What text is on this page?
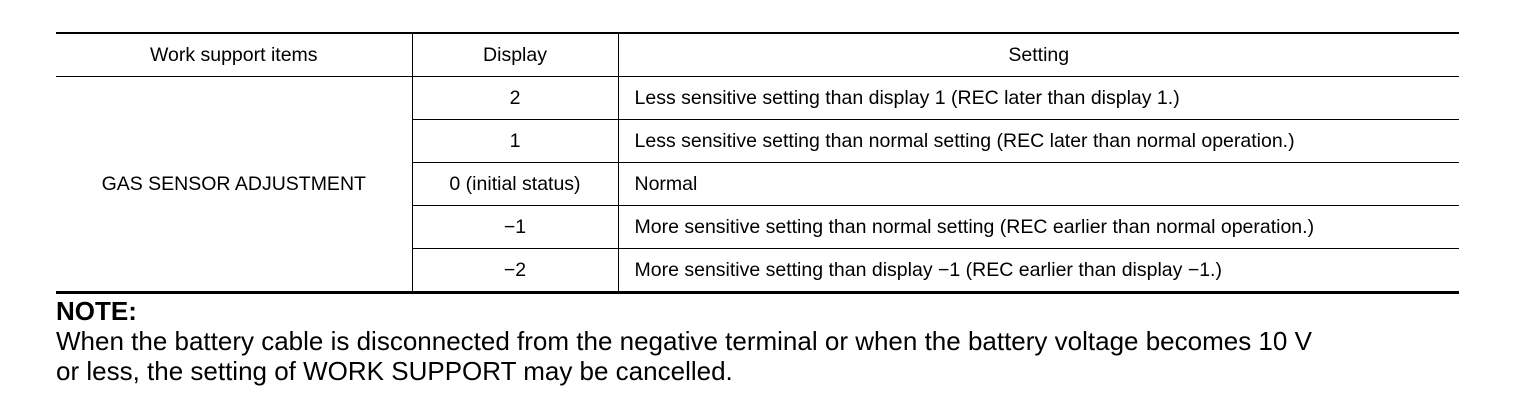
Work support items	Display	Setting
GAS SENSOR ADJUSTMENT	2	Less sensitive setting than display 1 (REC later than display 1.)
	1	Less sensitive setting than normal setting (REC later than normal operation.)
	0 (initial status)	Normal
	−1	More sensitive setting than normal setting (REC earlier than normal operation.)
	−2	More sensitive setting than display −1 (REC earlier than display −1.)
NOTE:
When the battery cable is disconnected from the negative terminal or when the battery voltage becomes 10 V
or less, the setting of WORK SUPPORT may be cancelled.
